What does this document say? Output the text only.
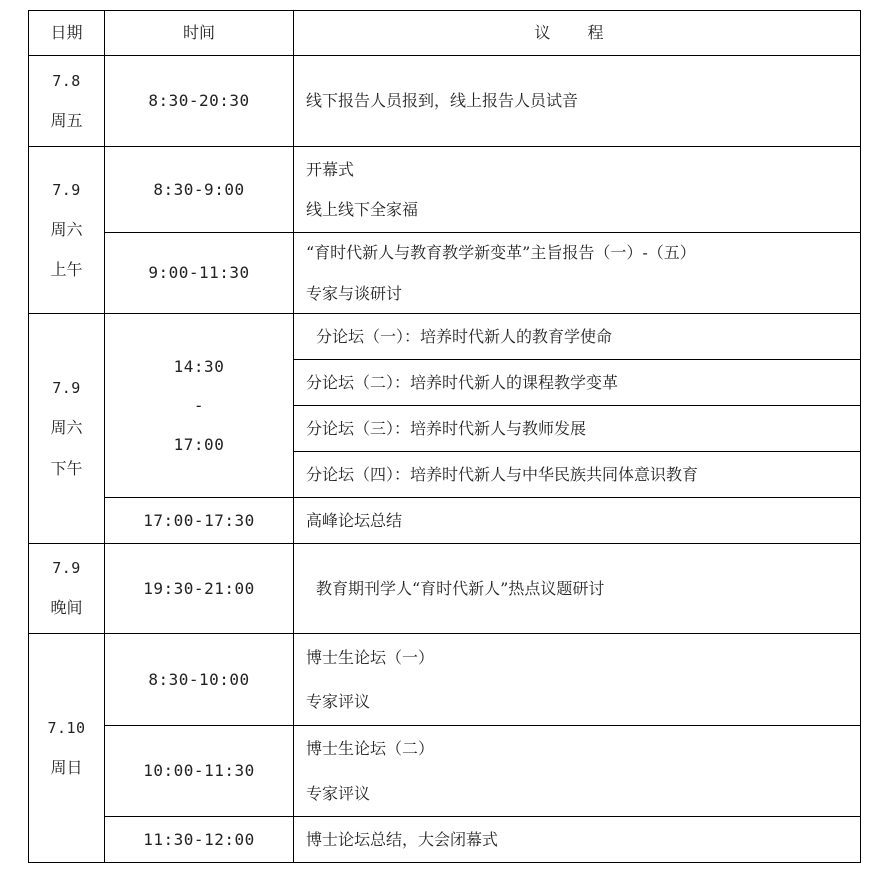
日期	时间	议 程

7.8
周五	8:30-20:30	线下报告人员报到，线上报告人员试音

7.9
周六
上午	8:30-9:00	开幕式
线上线下全家福

	9:00-11:30	“育时代新人与教育教学新变革”主旨报告（一）-（五）
专家与谈研讨

7.9
周六
下午	14:30
-
17:00	分论坛（一）：培养时代新人的教育学使命
		分论坛（二）：培养时代新人的课程教学变革
		分论坛（三）：培养时代新人与教师发展
		分论坛（四）：培养时代新人与中华民族共同体意识教育
	17:00-17:30	高峰论坛总结

7.9
晚间	19:30-21:00	教育期刊学人“育时代新人”热点议题研讨

7.10
周日	8:30-10:00	博士生论坛（一）
专家评议

	10:00-11:30	博士生论坛（二）
专家评议

	11:30-12:00	博士论坛总结，大会闭幕式
